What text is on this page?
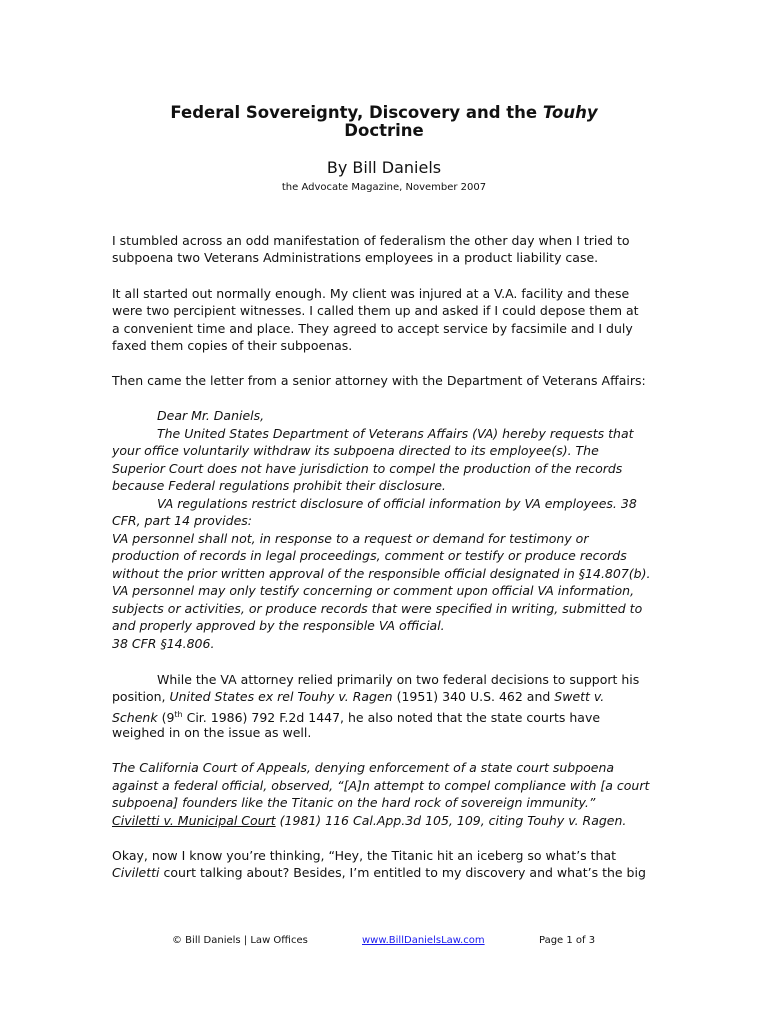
Federal Sovereignty, Discovery and the Touhy
Doctrine
By Bill Daniels
the Advocate Magazine, November 2007
I stumbled across an odd manifestation of federalism the other day when I tried to
subpoena two Veterans Administrations employees in a product liability case.
It all started out normally enough. My client was injured at a V.A. facility and these
were two percipient witnesses. I called them up and asked if I could depose them at
a convenient time and place. They agreed to accept service by facsimile and I duly
faxed them copies of their subpoenas.
Then came the letter from a senior attorney with the Department of Veterans Affairs:
Dear Mr. Daniels,
The United States Department of Veterans Affairs (VA) hereby requests that
your office voluntarily withdraw its subpoena directed to its employee(s). The
Superior Court does not have jurisdiction to compel the production of the records
because Federal regulations prohibit their disclosure.
VA regulations restrict disclosure of official information by VA employees. 38
CFR, part 14 provides:
VA personnel shall not, in response to a request or demand for testimony or
production of records in legal proceedings, comment or testify or produce records
without the prior written approval of the responsible official designated in §14.807(b).
VA personnel may only testify concerning or comment upon official VA information,
subjects or activities, or produce records that were specified in writing, submitted to
and properly approved by the responsible VA official.
38 CFR §14.806.
While the VA attorney relied primarily on two federal decisions to support his
position, United States ex rel Touhy v. Ragen (1951) 340 U.S. 462 and Swett v.
Schenk (9th Cir. 1986) 792 F.2d 1447, he also noted that the state courts have
weighed in on the issue as well.
The California Court of Appeals, denying enforcement of a state court subpoena
against a federal official, observed, “[A]n attempt to compel compliance with [a court
subpoena] founders like the Titanic on the hard rock of sovereign immunity.”
Civiletti v. Municipal Court (1981) 116 Cal.App.3d 105, 109, citing Touhy v. Ragen.
Okay, now I know you’re thinking, “Hey, the Titanic hit an iceberg so what’s that
Civiletti court talking about? Besides, I’m entitled to my discovery and what’s the big
© Bill Daniels | Law Offices	www.BillDanielsLaw.com	Page 1 of 3
